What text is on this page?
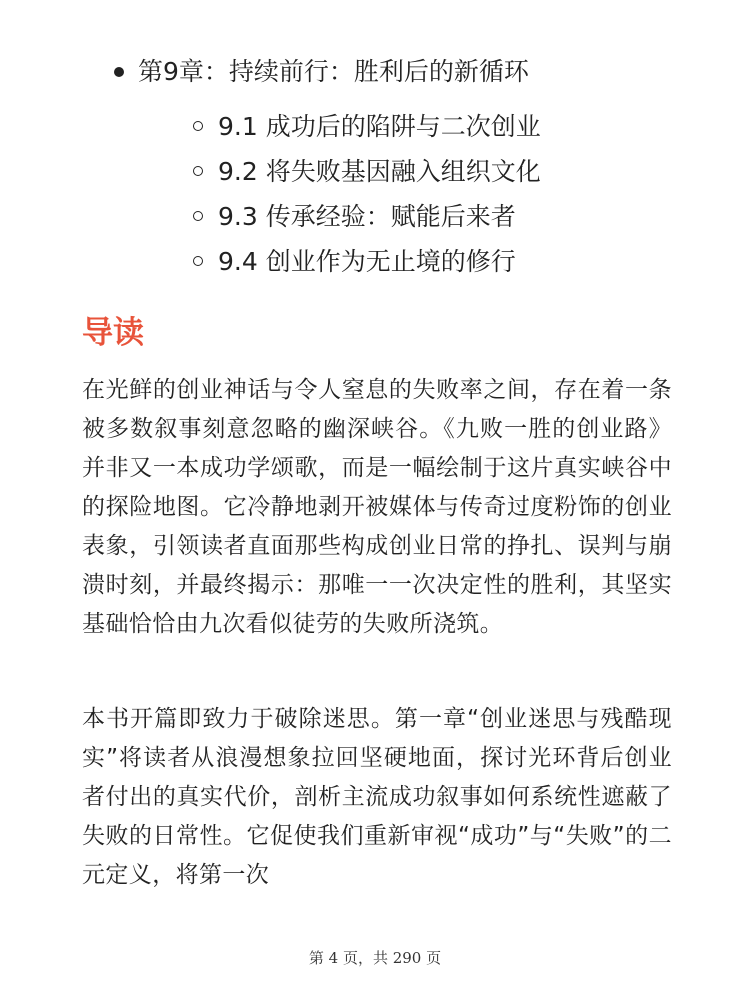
第9章：持续前行：胜利后的新循环
9.1 成功后的陷阱与二次创业
9.2 将失败基因融入组织文化
9.3 传承经验：赋能后来者
9.4 创业作为无止境的修行
导读

在光鲜的创业神话与令人窒息的失败率之间，存在着一条被多数叙事刻意忽略的幽深峡谷。《九败一胜的创业路》并非又一本成功学颂歌，而是一幅绘制于这片真实峡谷中的探险地图。它冷静地剥开被媒体与传奇过度粉饰的创业表象，引领读者直面那些构成创业日常的挣扎、误判与崩溃时刻，并最终揭示：那唯一一次决定性的胜利，其坚实基础恰恰由九次看似徒劳的失败所浇筑。

本书开篇即致力于破除迷思。第一章“创业迷思与残酷现实”将读者从浪漫想象拉回坚硬地面，探讨光环背后创业者付出的真实代价，剖析主流成功叙事如何系统性遮蔽了失败的日常性。它促使我们重新审视“成功”与“失败”的二元定义，将第一次

第 4 页，共 290 页
